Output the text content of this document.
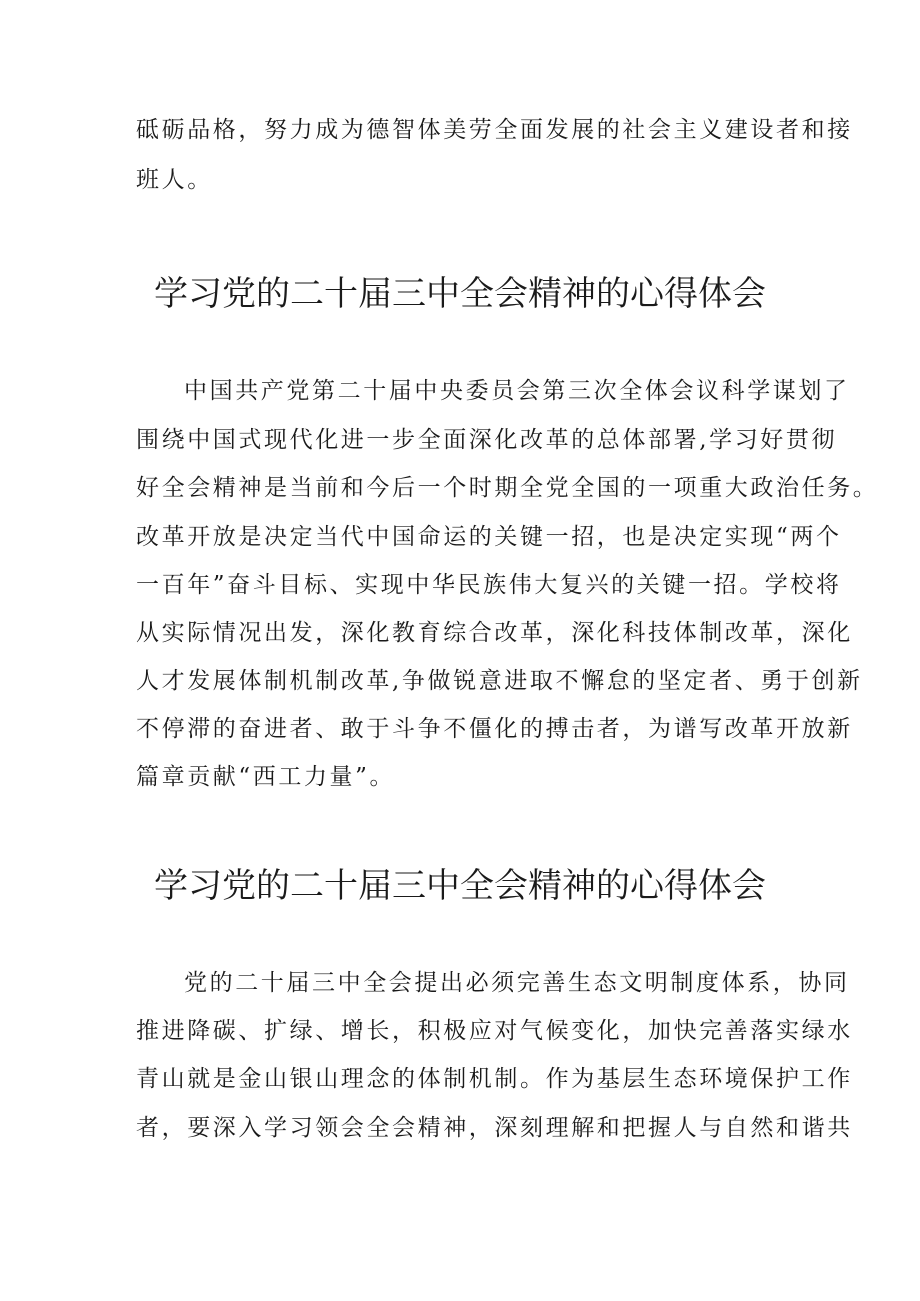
砥砺品格，努力成为德智体美劳全面发展的社会主义建设者和接
班人。
学习党的二十届三中全会精神的心得体会
中国共产党第二十届中央委员会第三次全体会议科学谋划了
围绕中国式现代化进一步全面深化改革的总体部署,学习好贯彻
好全会精神是当前和今后一个时期全党全国的一项重大政治任务。
改革开放是决定当代中国命运的关键一招，也是决定实现“两个
一百年”奋斗目标、实现中华民族伟大复兴的关键一招。学校将
从实际情况出发，深化教育综合改革，深化科技体制改革，深化
人才发展体制机制改革,争做锐意进取不懈怠的坚定者、勇于创新
不停滞的奋进者、敢于斗争不僵化的搏击者，为谱写改革开放新
篇章贡献“西工力量”。
学习党的二十届三中全会精神的心得体会
党的二十届三中全会提出必须完善生态文明制度体系，协同
推进降碳、扩绿、增长，积极应对气候变化，加快完善落实绿水
青山就是金山银山理念的体制机制。作为基层生态环境保护工作
者，要深入学习领会全会精神，深刻理解和把握人与自然和谐共
